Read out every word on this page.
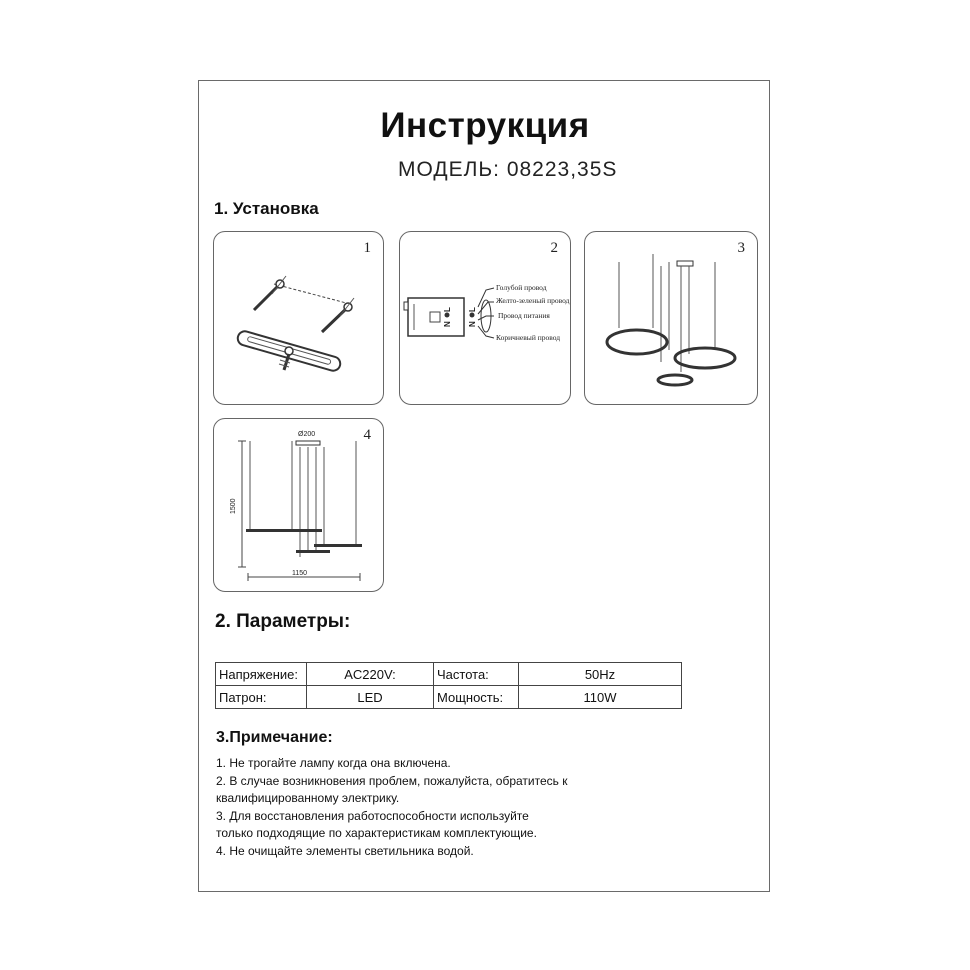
Инструкция
МОДЕЛЬ: 08223,35S
1. Установка
1	2
L
N
L
N
Голубой провод
Желто-зеленый провод
Провод питания
Коричневый провод
3
4
Ø200
1500
1150
2. Параметры:
Напряжение:	AC220V:	Частота:	50Hz
Патрон:	LED	Мощность:	110W
3.Примечание:
1. Не трогайте лампу когда она включена.
2. В случае возникновения проблем, пожалуйста, обратитесь к
квалифицированному электрику.
3. Для восстановления работоспособности используйте
только подходящие по характеристикам комплектующие.
4. Не очищайте элементы светильника водой.
